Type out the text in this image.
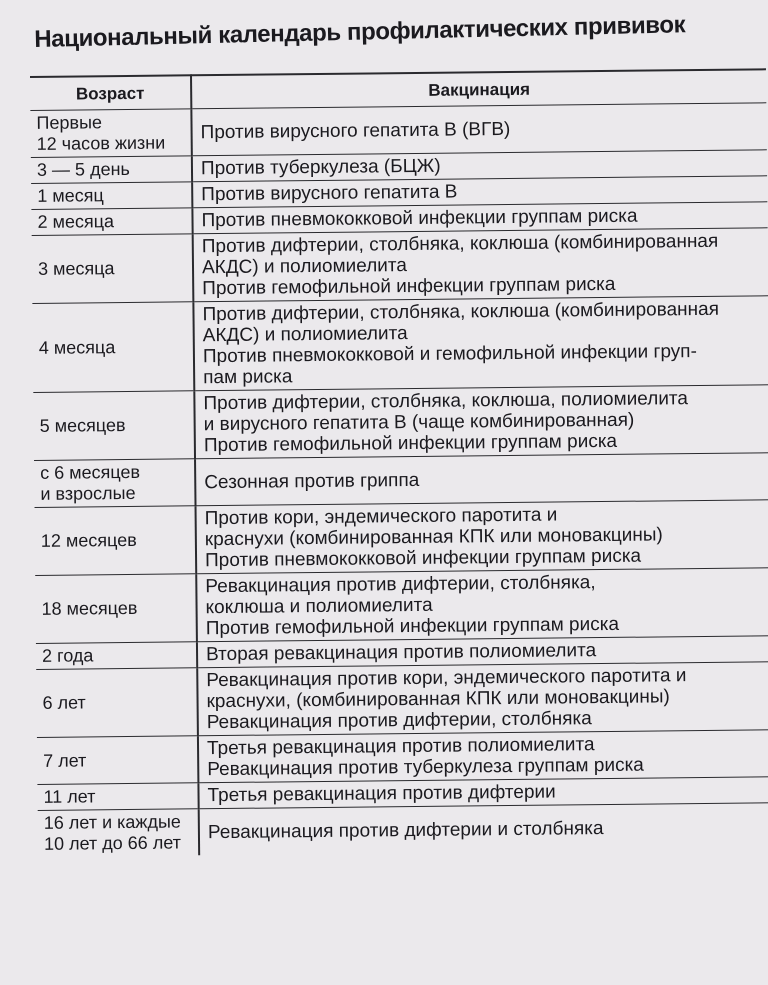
Национальный календарь профилактических прививок
Возраст	Вакцинация

Первые
12 часов жизни	Против вирусного гепатита В (ВГВ)

3 — 5 день	Против туберкулеза (БЦЖ)

1 месяц	Против вирусного гепатита В

2 месяца	Против пневмококковой инфекции группам риска

3 месяца	Против дифтерии, столбняка, коклюша (комбинированная
АКДС) и полиомиелита
Против гемофильной инфекции группам риска

4 месяца	Против дифтерии, столбняка, коклюша (комбинированная
АКДС) и полиомиелита
Против пневмококковой и гемофильной инфекции груп-
пам риска

5 месяцев	Против дифтерии, столбняка, коклюша, полиомиелита
и вирусного гепатита В (чаще комбинированная)
Против гемофильной инфекции группам риска

с 6 месяцев
и взрослые	Сезонная против гриппа

12 месяцев	Против кори, эндемического паротита и
краснухи (комбинированная КПК или моновакцины)
Против пневмококковой инфекции группам риска

18 месяцев	Ревакцинация против дифтерии, столбняка,
коклюша и полиомиелита
Против гемофильной инфекции группам риска

2 года	Вторая ревакцинация против полиомиелита

6 лет	Ревакцинация против кори, эндемического паротита и
краснухи, (комбинированная КПК или моновакцины)
Ревакцинация против дифтерии, столбняка

7 лет	Третья ревакцинация против полиомиелита
Ревакцинация против туберкулеза группам риска

11 лет	Третья ревакцинация против дифтерии

16 лет и каждые
10 лет до 66 лет	Ревакцинация против дифтерии и столбняка
